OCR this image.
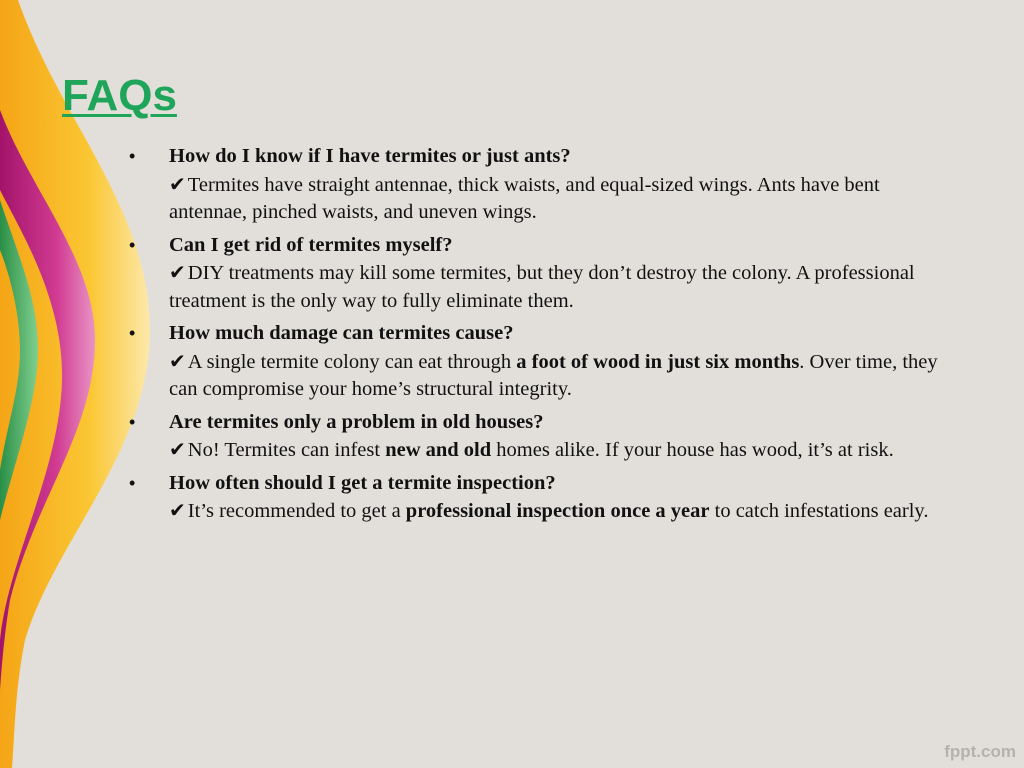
FAQs
• How do I know if I have termites or just ants?
✔Termites have straight antennae, thick waists, and equal-sized wings. Ants have bent antennae, pinched waists, and uneven wings.
• Can I get rid of termites myself?
✔DIY treatments may kill some termites, but they don’t destroy the colony. A professional treatment is the only way to fully eliminate them.
• How much damage can termites cause?
✔A single termite colony can eat through a foot of wood in just six months. Over time, they can compromise your home’s structural integrity.
• Are termites only a problem in old houses?
✔No! Termites can infest new and old homes alike. If your house has wood, it’s at risk.
• How often should I get a termite inspection?
✔It’s recommended to get a professional inspection once a year to catch infestations early.
fppt.com
